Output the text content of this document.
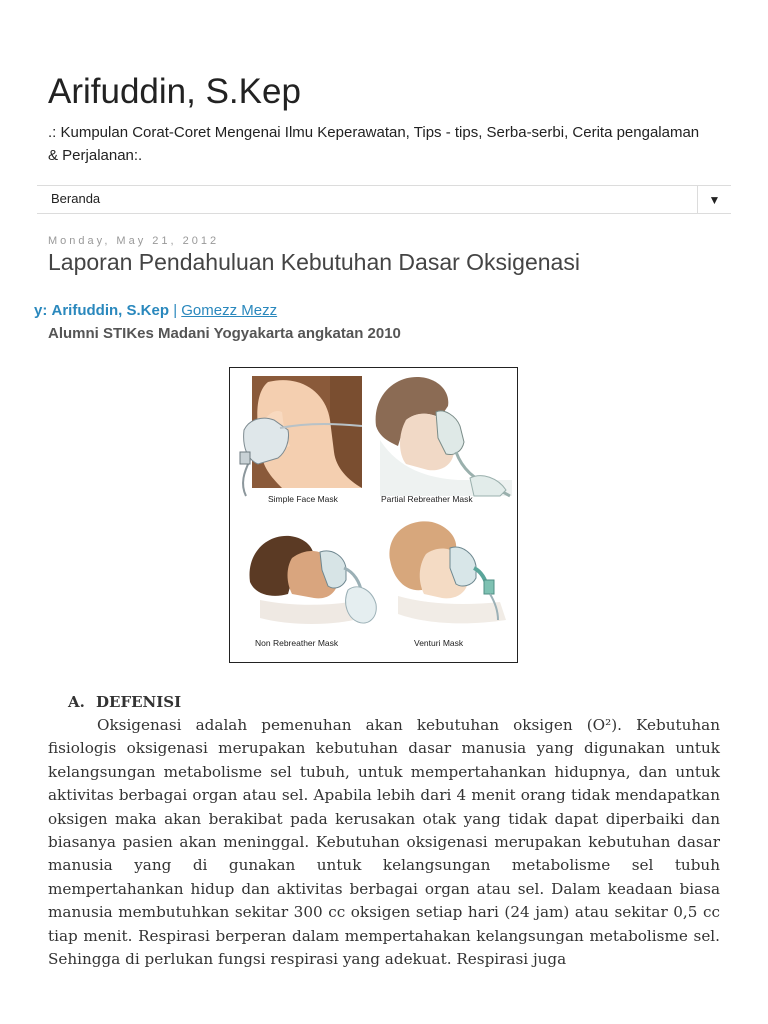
Arifuddin, S.Kep
.: Kumpulan Corat-Coret Mengenai Ilmu Keperawatan, Tips - tips, Serba-serbi, Cerita pengalaman & Perjalanan:.
Beranda	▼
Monday, May 21, 2012
Laporan Pendahuluan Kebutuhan Dasar Oksigenasi
y: Arifuddin, S.Kep | Gomezz Mezz
Alumni STIKes Madani Yogyakarta angkatan 2010
Simple Face Mask	Partial Rebreather Mask
Non Rebreather Mask	Venturi Mask
A. DEFENISI

Oksigenasi adalah pemenuhan akan kebutuhan oksigen (O²). Kebutuhan fisiologis oksigenasi merupakan kebutuhan dasar manusia yang digunakan untuk kelangsungan metabolisme sel tubuh, untuk mempertahankan hidupnya, dan untuk aktivitas berbagai organ atau sel. Apabila lebih dari 4 menit orang tidak mendapatkan oksigen maka akan berakibat pada kerusakan otak yang tidak dapat diperbaiki dan biasanya pasien akan meninggal. Kebutuhan oksigenasi merupakan kebutuhan dasar manusia yang di gunakan untuk kelangsungan metabolisme sel tubuh mempertahankan hidup dan aktivitas berbagai organ atau sel. Dalam keadaan biasa manusia membutuhkan sekitar 300 cc oksigen setiap hari (24 jam) atau sekitar 0,5 cc tiap menit. Respirasi berperan dalam mempertahakan kelangsungan metabolisme sel. Sehingga di perlukan fungsi respirasi yang adekuat. Respirasi juga
